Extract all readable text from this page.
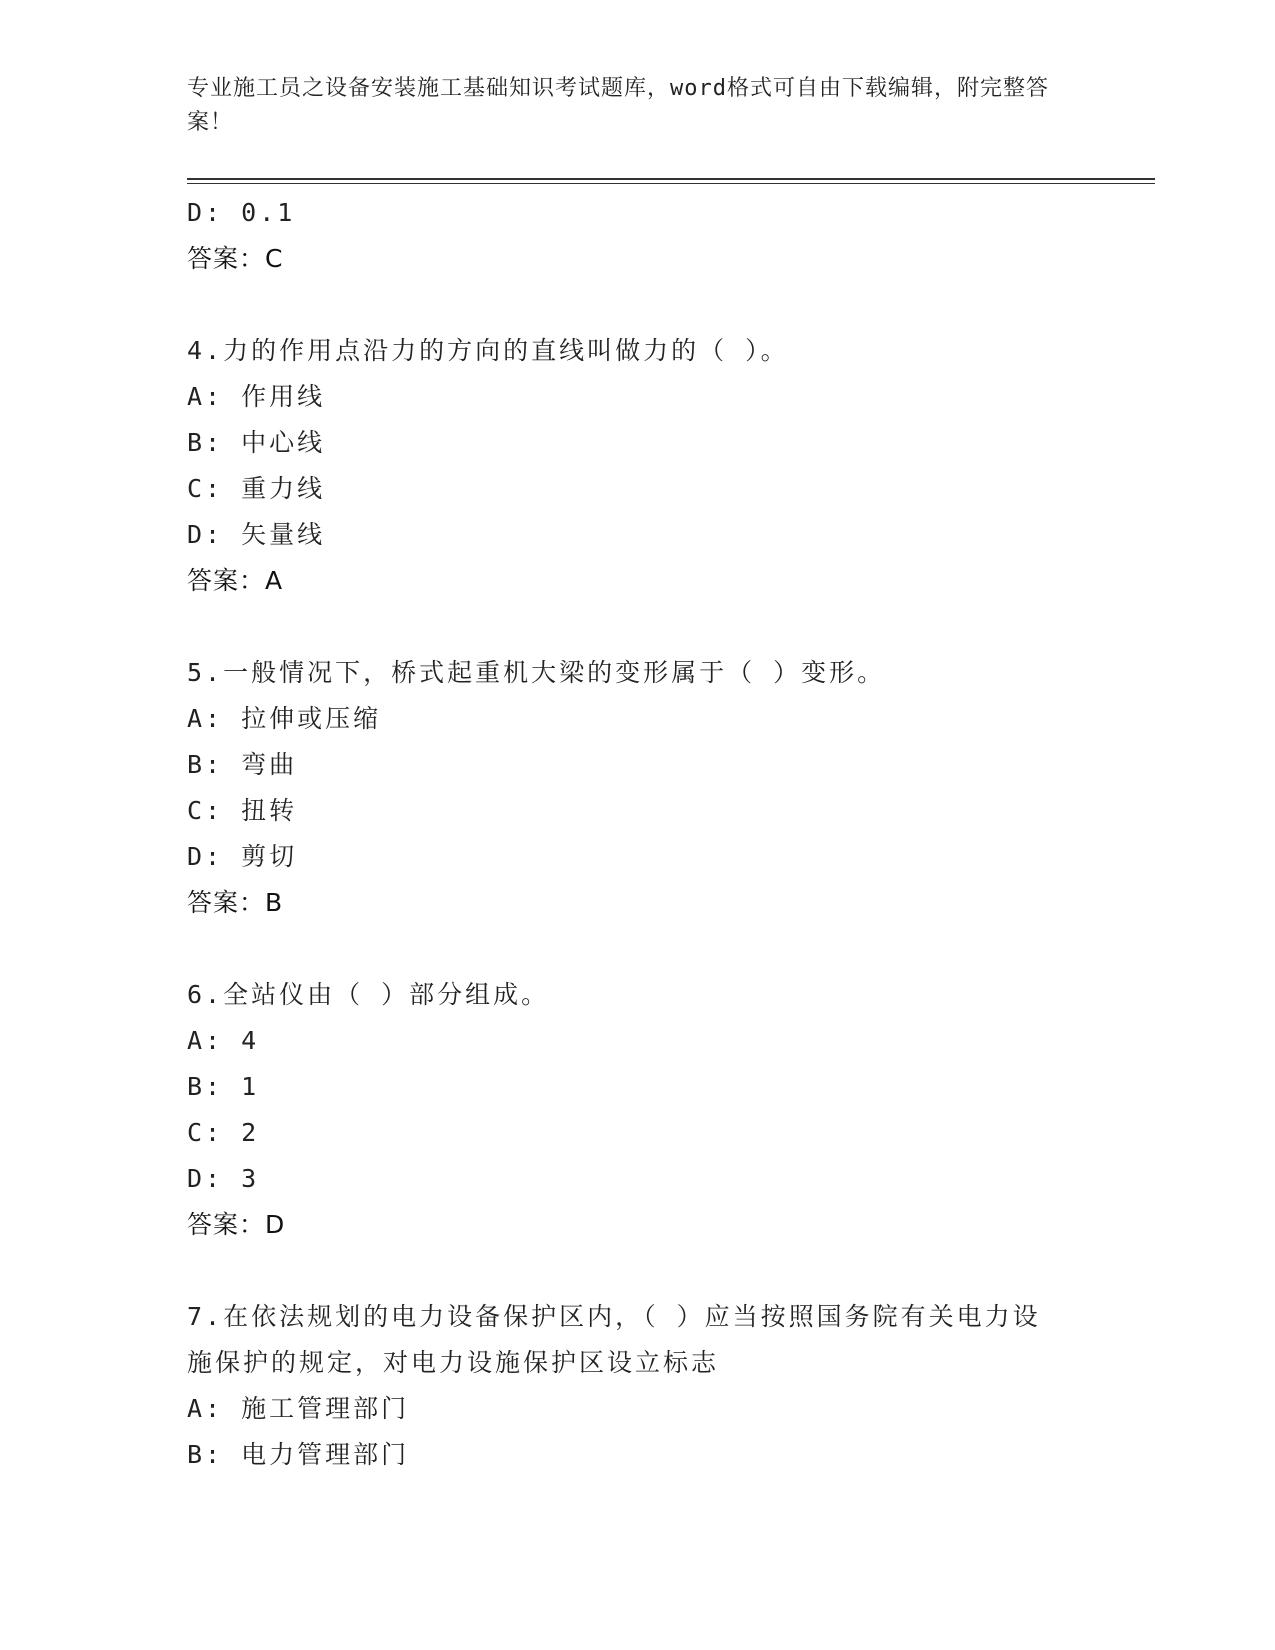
专业施工员之设备安装施工基础知识考试题库，word格式可自由下载编辑，附完整答案！
D: 0.1
答案：C
4.力的作用点沿力的方向的直线叫做力的（ ）。
A: 作用线
B: 中心线
C: 重力线
D: 矢量线
答案：A
5.一般情况下，桥式起重机大梁的变形属于（ ）变形。
A: 拉伸或压缩
B: 弯曲
C: 扭转
D: 剪切
答案：B
6.全站仪由（ ）部分组成。
A: 4
B: 1
C: 2
D: 3
答案：D
7.在依法规划的电力设备保护区内，（ ）应当按照国务院有关电力设
施保护的规定，对电力设施保护区设立标志
A: 施工管理部门
B: 电力管理部门
